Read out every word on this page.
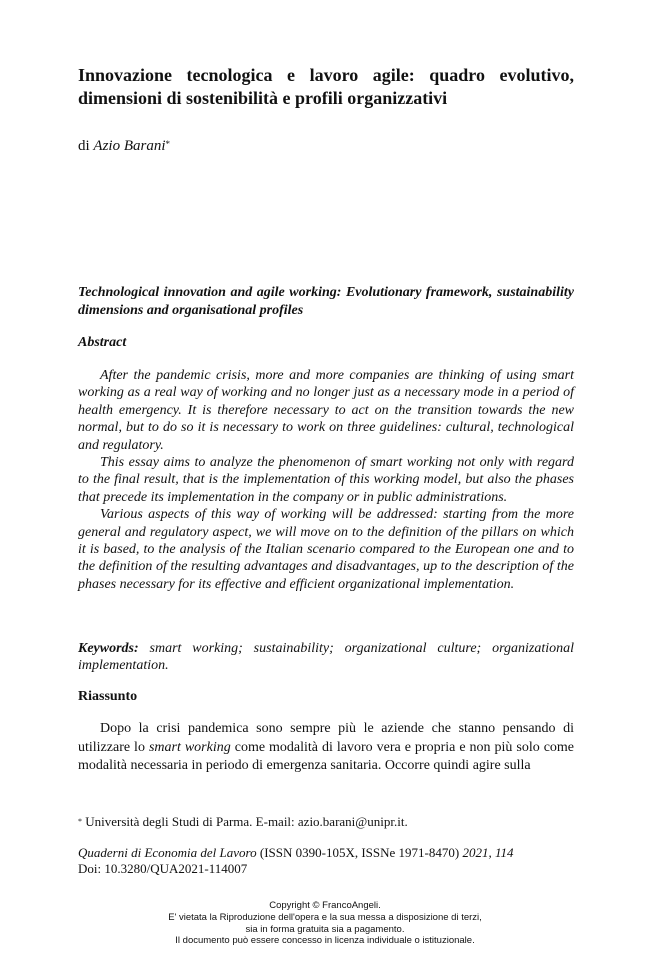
Innovazione tecnologica e lavoro agile: quadro evolutivo, dimensioni di sostenibilità e profili organizzativi
di Azio Barani*
Technological innovation and agile working: Evolutionary framework, sustainability dimensions and organisational profiles
Abstract

After the pandemic crisis, more and more companies are thinking of using smart working as a real way of working and no longer just as a necessary mode in a period of health emergency. It is therefore necessary to act on the transition towards the new normal, but to do so it is necessary to work on three guidelines: cultural, technological and regulatory.

This essay aims to analyze the phenomenon of smart working not only with regard to the final result, that is the implementation of this working model, but also the phases that precede its implementation in the company or in public administrations.

Various aspects of this way of working will be addressed: starting from the more general and regulatory aspect, we will move on to the definition of the pillars on which it is based, to the analysis of the Italian scenario compared to the European one and to the definition of the resulting advantages and disadvantages, up to the description of the phases necessary for its effective and efficient organizational implementation.

Keywords: smart working; sustainability; organizational culture; organizational implementation.
Riassunto

Dopo la crisi pandemica sono sempre più le aziende che stanno pensando di utilizzare lo smart working come modalità di lavoro vera e propria e non più solo come modalità necessaria in periodo di emergenza sanitaria. Occorre quindi agire sulla

* Università degli Studi di Parma. E-mail: azio.barani@unipr.it.
Quaderni di Economia del Lavoro (ISSN 0390-105X, ISSNe 1971-8470) 2021, 114
Doi: 10.3280/QUA2021-114007
Copyright © FrancoAngeli.
E' vietata la Riproduzione dell'opera e la sua messa a disposizione di terzi,
sia in forma gratuita sia a pagamento.
Il documento può essere concesso in licenza individuale o istituzionale.
